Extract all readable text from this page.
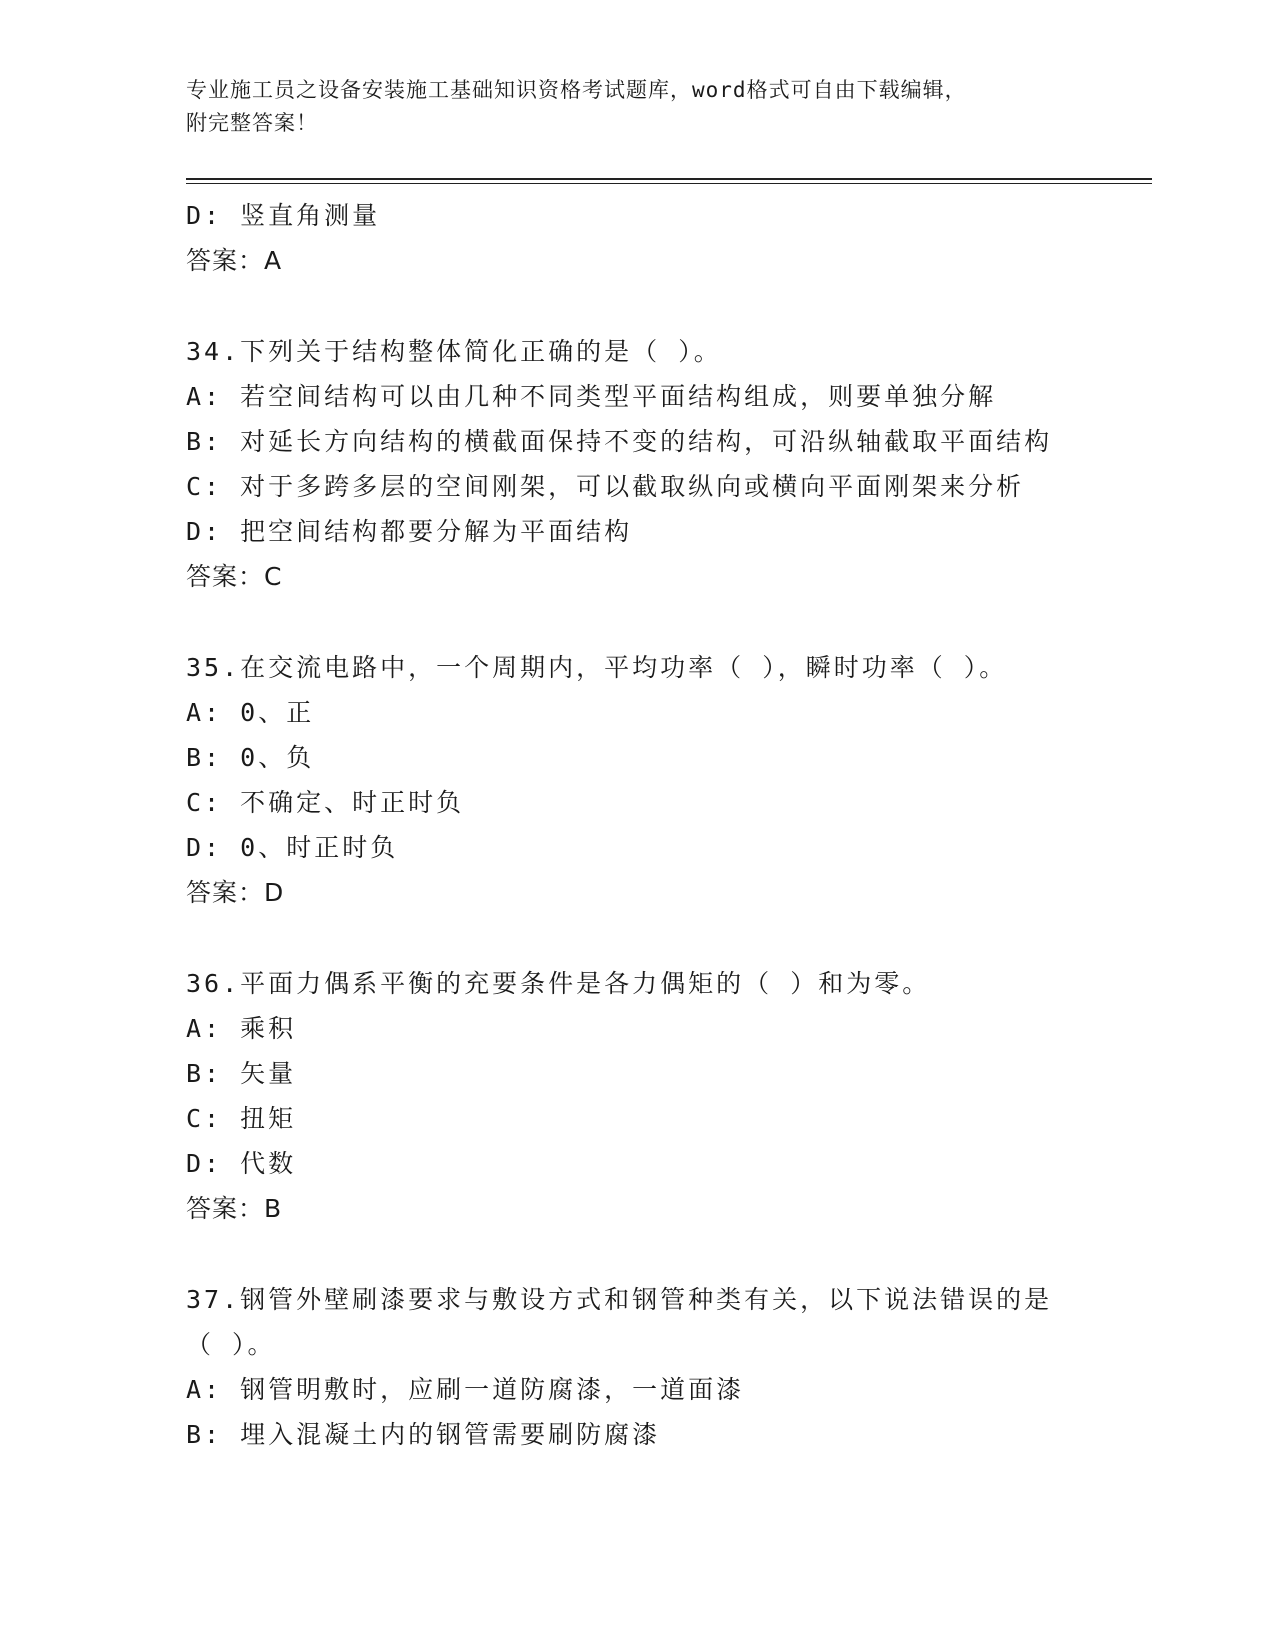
专业施工员之设备安装施工基础知识资格考试题库，word格式可自由下载编辑，
附完整答案！
D: 竖直角测量
答案：A
34.下列关于结构整体简化正确的是（ ）。
A: 若空间结构可以由几种不同类型平面结构组成，则要单独分解
B: 对延长方向结构的横截面保持不变的结构，可沿纵轴截取平面结构
C: 对于多跨多层的空间刚架，可以截取纵向或横向平面刚架来分析
D: 把空间结构都要分解为平面结构
答案：C
35.在交流电路中，一个周期内，平均功率（ ），瞬时功率（ ）。
A: 0、正
B: 0、负
C: 不确定、时正时负
D: 0、时正时负
答案：D
36.平面力偶系平衡的充要条件是各力偶矩的（ ）和为零。
A: 乘积
B: 矢量
C: 扭矩
D: 代数
答案：B
37.钢管外壁刷漆要求与敷设方式和钢管种类有关，以下说法错误的是
（ ）。
A: 钢管明敷时，应刷一道防腐漆，一道面漆
B: 埋入混凝土内的钢管需要刷防腐漆
